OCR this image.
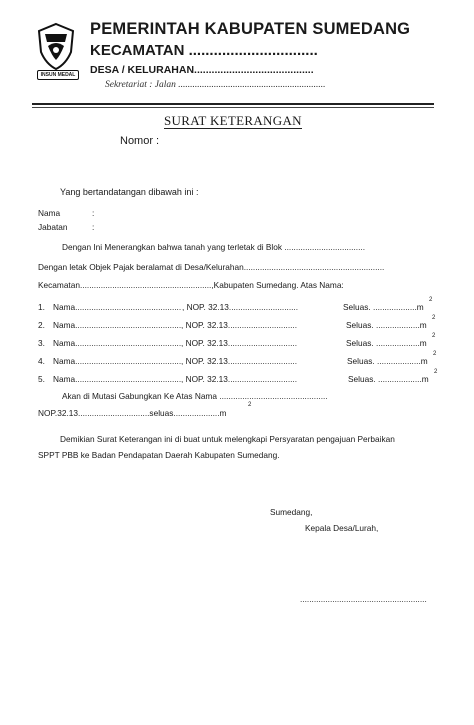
INSUN MEDAL
PEMERINTAH KABUPATEN SUMEDANG
KECAMATAN ...............................
DESA / KELURAHAN.........................................
Sekretariat : Jalan ..............................................................
SURAT KETERANGAN
Nomor :
Yang bertandatangan dibawah ini :
Nama	:
Jabatan	:
Dengan Ini Menerangkan bahwa tanah yang terletak di Blok ...................................
Dengan letak Objek Pajak beralamat di Desa/Kelurahan.............................................................
Kecamatan.........................................................,Kabupaten Sumedang. Atas Nama:
1. Nama.............................................. , NOP. 32.13..............................	Seluas. ...................m
2
2. Nama.............................................. , NOP. 32.13..............................	Seluas. ...................m
2
3. Nama.............................................. , NOP. 32.13..............................	Seluas. ...................m
2
4. Nama.............................................. , NOP. 32.13..............................	Seluas. ...................m
2
5. Nama.............................................. , NOP. 32.13..............................	Seluas. ...................m
2
Akan di Mutasi Gabungkan Ke Atas Nama ...............................................
NOP.32.13...............................seluas....................m
2
Demikian Surat Keterangan ini di buat untuk melengkapi Persyaratan pengajuan Perbaikan
SPPT PBB ke Badan Pendapatan Daerah Kabupaten Sumedang.
Sumedang,
Kepala Desa/Lurah,
.......................................................
